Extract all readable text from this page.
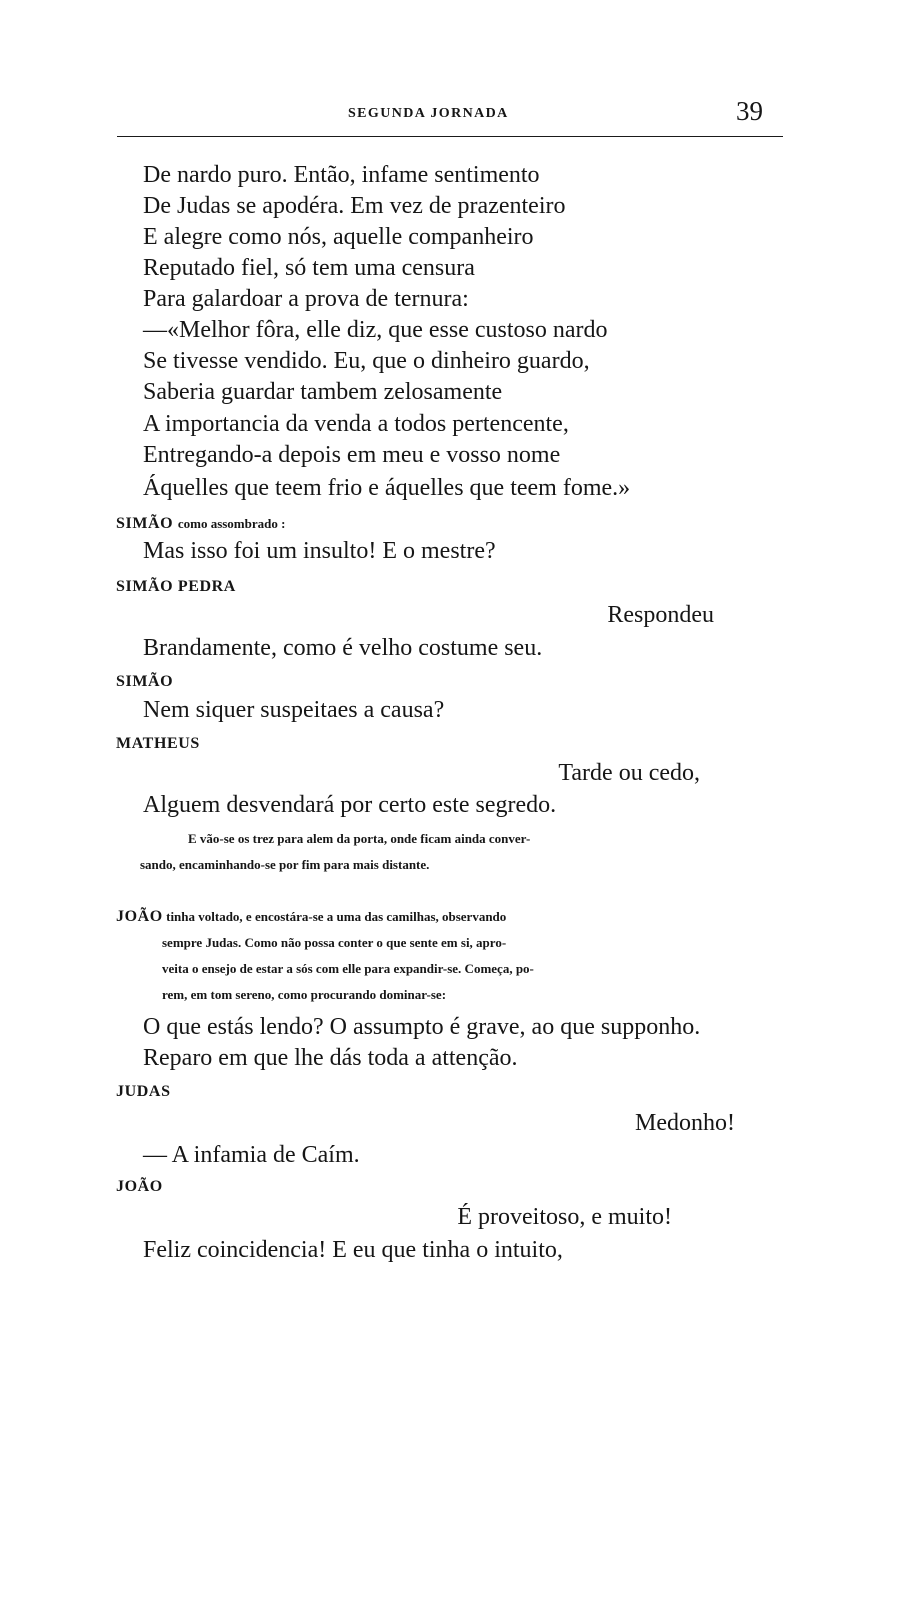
SEGUNDA JORNADA	39
De nardo puro. Então, infame sentimento
De Judas se apodéra. Em vez de prazenteiro
E alegre como nós, aquelle companheiro
Reputado fiel, só tem uma censura
Para galardoar a prova de ternura:
—«Melhor fôra, elle diz, que esse custoso nardo
Se tivesse vendido. Eu, que o dinheiro guardo,
Saberia guardar tambem zelosamente
A importancia da venda a todos pertencente,
Entregando-a depois em meu e vosso nome
Áquelles que teem frio e áquelles que teem fome.»
SIMÃO como assombrado :
Mas isso foi um insulto! E o mestre?
SIMÃO PEDRA
Respondeu
Brandamente, como é velho costume seu.
SIMÃO
Nem siquer suspeitaes a causa?
MATHEUS
Tarde ou cedo,
Alguem desvendará por certo este segredo.
E vão-se os trez para alem da porta, onde ficam ainda conver-
sando, encaminhando-se por fim para mais distante.
JOÃO tinha voltado, e encostára-se a uma das camilhas, observando
sempre Judas. Como não possa conter o que sente em si, apro-
veita o ensejo de estar a sós com elle para expandir-se. Começa, po-
rem, em tom sereno, como procurando dominar-se:
O que estás lendo? O assumpto é grave, ao que supponho.
Reparo em que lhe dás toda a attenção.
JUDAS
Medonho!
— A infamia de Caím.
JOÃO
É proveitoso, e muito!
Feliz coincidencia! E eu que tinha o intuito,
